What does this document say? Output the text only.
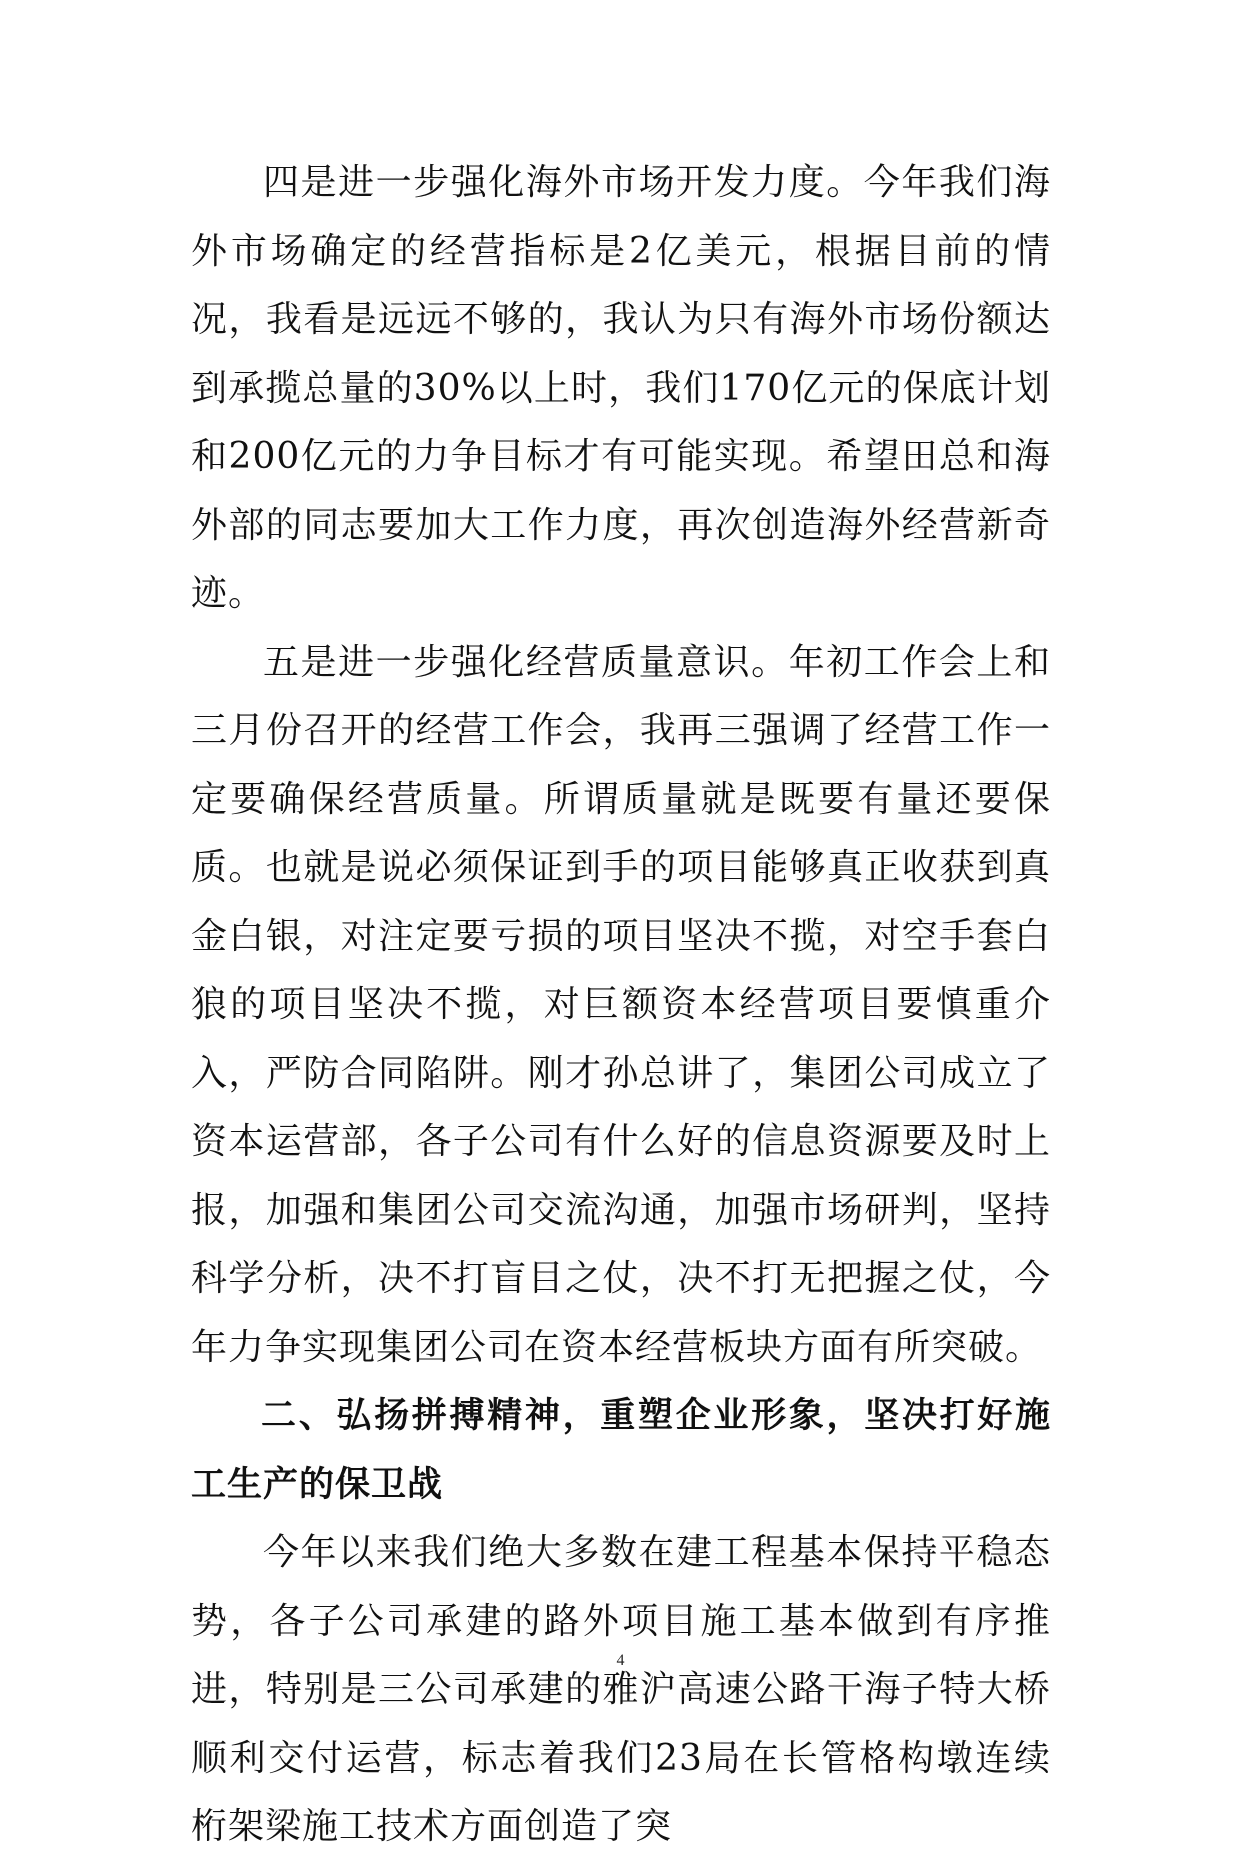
四是进一步强化海外市场开发力度。今年我们海外市场确定的经营指标是2亿美元，根据目前的情况，我看是远远不够的，我认为只有海外市场份额达到承揽总量的30%以上时，我们170亿元的保底计划和200亿元的力争目标才有可能实现。希望田总和海外部的同志要加大工作力度，再次创造海外经营新奇迹。

五是进一步强化经营质量意识。年初工作会上和三月份召开的经营工作会，我再三强调了经营工作一定要确保经营质量。所谓质量就是既要有量还要保质。也就是说必须保证到手的项目能够真正收获到真金白银，对注定要亏损的项目坚决不揽，对空手套白狼的项目坚决不揽，对巨额资本经营项目要慎重介入，严防合同陷阱。刚才孙总讲了，集团公司成立了资本运营部，各子公司有什么好的信息资源要及时上报，加强和集团公司交流沟通，加强市场研判，坚持科学分析，决不打盲目之仗，决不打无把握之仗，今年力争实现集团公司在资本经营板块方面有所突破。

二、弘扬拼搏精神，重塑企业形象，坚决打好施工生产的保卫战

今年以来我们绝大多数在建工程基本保持平稳态势，各子公司承建的路外项目施工基本做到有序推进，特别是三公司承建的雅沪高速公路干海子特大桥顺利交付运营，标志着我们23局在长管格构墩连续桁架梁施工技术方面创造了突

4
